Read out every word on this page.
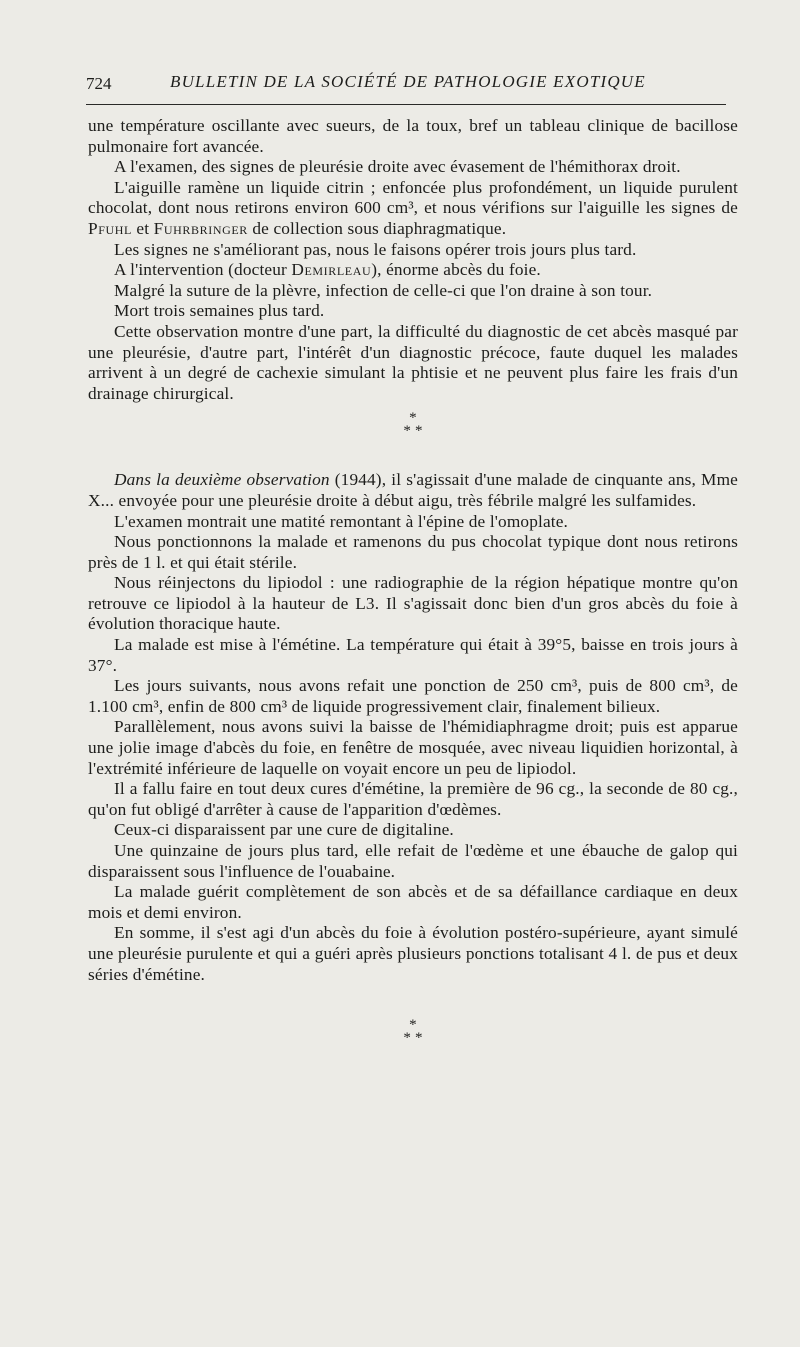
724	BULLETIN DE LA SOCIÉTÉ DE PATHOLOGIE EXOTIQUE

une température oscillante avec sueurs, de la toux, bref un tableau clinique de bacillose pulmonaire fort avancée.

A l'examen, des signes de pleurésie droite avec évasement de l'hémithorax droit.

L'aiguille ramène un liquide citrin ; enfoncée plus profondément, un liquide purulent chocolat, dont nous retirons environ 600 cm³, et nous vérifions sur l'aiguille les signes de Pfuhl et Fuhrbringer de collection sous diaphragmatique.

Les signes ne s'améliorant pas, nous le faisons opérer trois jours plus tard.

A l'intervention (docteur Demirleau), énorme abcès du foie.

Malgré la suture de la plèvre, infection de celle-ci que l'on draine à son tour.

Mort trois semaines plus tard.

Cette observation montre d'une part, la difficulté du diagnostic de cet abcès masqué par une pleurésie, d'autre part, l'intérêt d'un diagnostic précoce, faute duquel les malades arrivent à un degré de cachexie simulant la phtisie et ne peuvent plus faire les frais d'un drainage chirurgical.

*
* *

Dans la deuxième observation (1944), il s'agissait d'une malade de cinquante ans, Mme X... envoyée pour une pleurésie droite à début aigu, très fébrile malgré les sulfamides.

L'examen montrait une matité remontant à l'épine de l'omoplate.

Nous ponctionnons la malade et ramenons du pus chocolat typique dont nous retirons près de 1 l. et qui était stérile.

Nous réinjectons du lipiodol : une radiographie de la région hépatique montre qu'on retrouve ce lipiodol à la hauteur de L3. Il s'agissait donc bien d'un gros abcès du foie à évolution thoracique haute.

La malade est mise à l'émétine. La température qui était à 39°5, baisse en trois jours à 37°.

Les jours suivants, nous avons refait une ponction de 250 cm³, puis de 800 cm³, de 1.100 cm³, enfin de 800 cm³ de liquide progressivement clair, finalement bilieux.

Parallèlement, nous avons suivi la baisse de l'hémidiaphragme droit; puis est apparue une jolie image d'abcès du foie, en fenêtre de mosquée, avec niveau liquidien horizontal, à l'extrémité inférieure de laquelle on voyait encore un peu de lipiodol.

Il a fallu faire en tout deux cures d'émétine, la première de 96 cg., la seconde de 80 cg., qu'on fut obligé d'arrêter à cause de l'apparition d'œdèmes.

Ceux-ci disparaissent par une cure de digitaline.

Une quinzaine de jours plus tard, elle refait de l'œdème et une ébauche de galop qui disparaissent sous l'influence de l'ouabaine.

La malade guérit complètement de son abcès et de sa défaillance cardiaque en deux mois et demi environ.

En somme, il s'est agi d'un abcès du foie à évolution postéro-supérieure, ayant simulé une pleurésie purulente et qui a guéri après plusieurs ponctions totalisant 4 l. de pus et deux séries d'émétine.

*
* *
